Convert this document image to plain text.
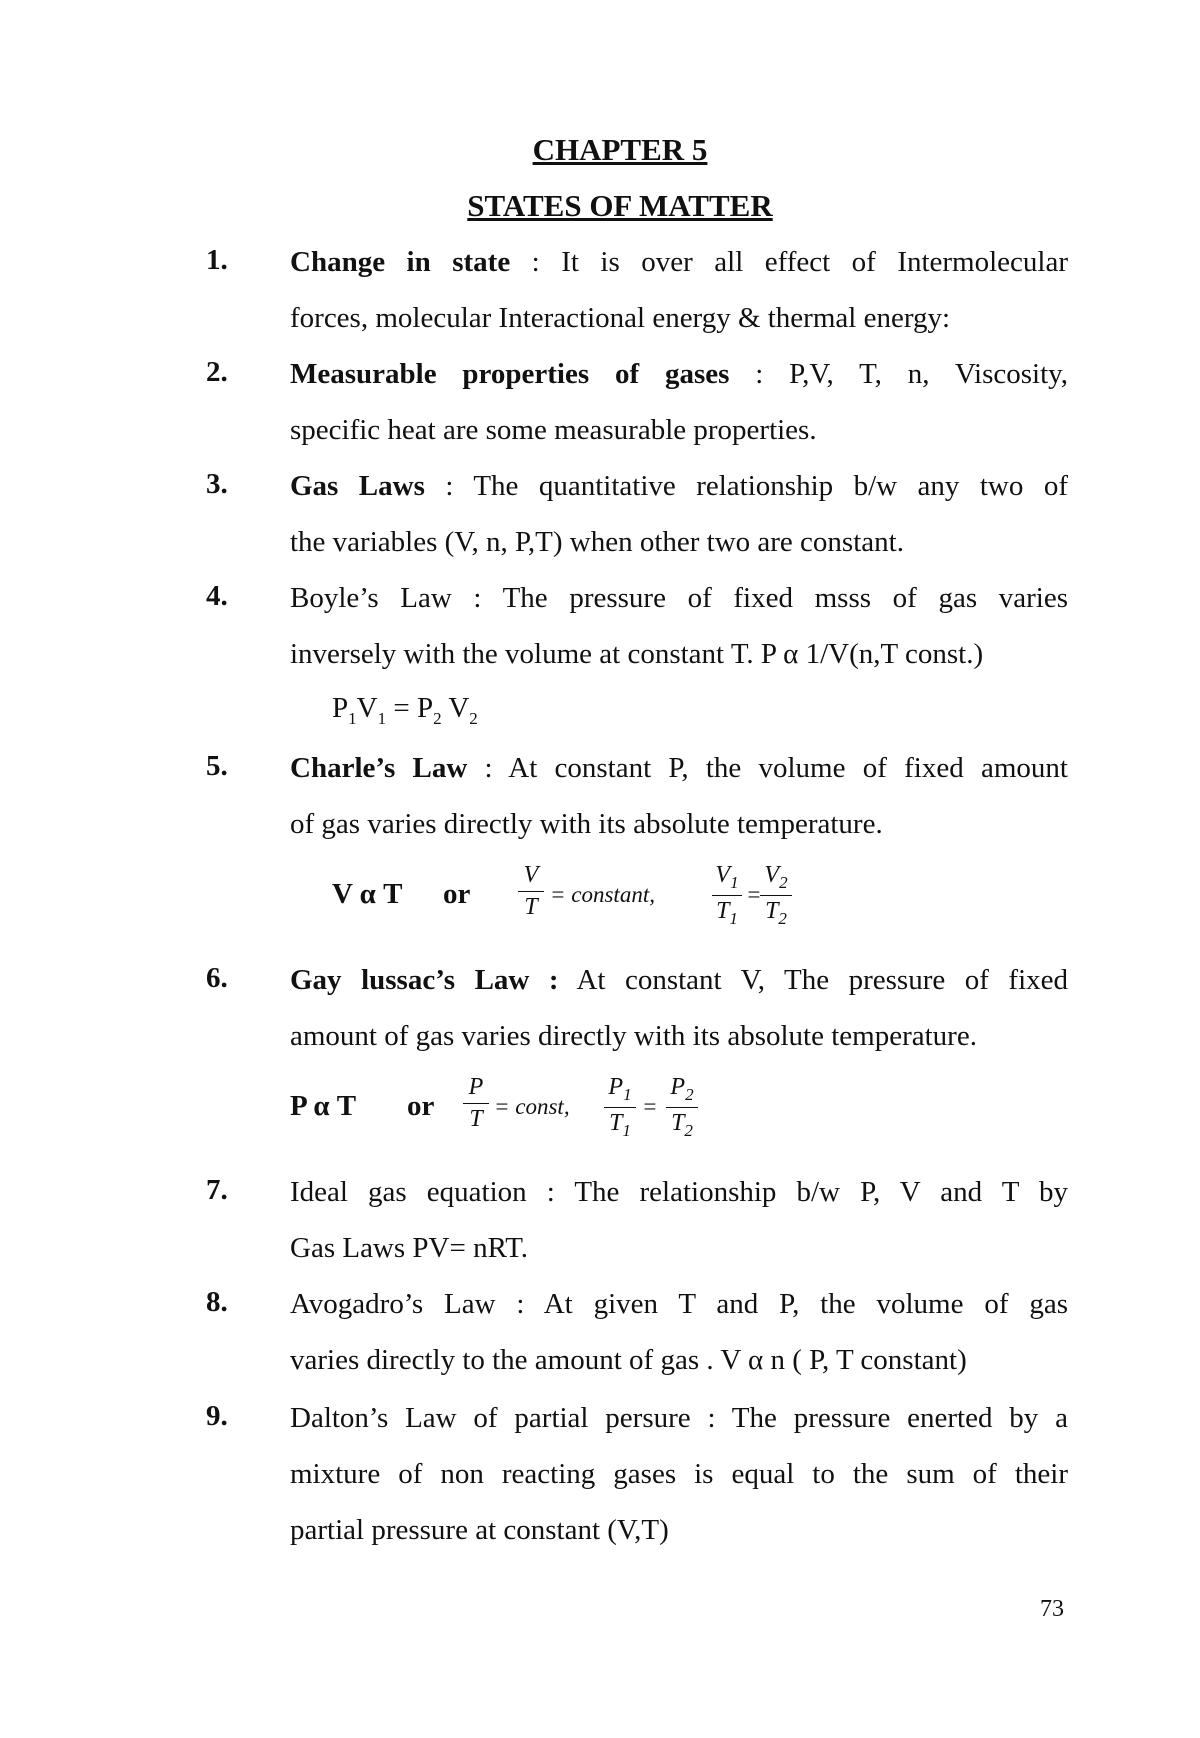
CHAPTER 5
STATES OF MATTER
1. Change in state : It is over all effect of Intermolecular
forces, molecular Interactional energy & thermal energy:
2. Measurable properties of gases : P,V, T, n, Viscosity,
specific heat are some measurable properties.
3. Gas Laws : The quantitative relationship b/w any two of
the variables (V, n, P,T) when other two are constant.
4. Boyle’s Law : The pressure of fixed msss of gas varies
inversely with the volume at constant T. P α 1/V(n,T const.)
$P_1V_1 = P_2$ $V_2$
5. Charle’s Law : At constant P, the volume of fixed amount
of gas varies directly with its absolute temperature.
V α T or
V
T = constant,
$V_1$
$T_1$
=
$V_2$
$T_2$
6. Gay lussac’s Law : At constant V, The pressure of fixed
amount of gas varies directly with its absolute temperature.
P α T or
P
T = const,
$P_1$
$T_1$
=
$P_2$
$T_2$
7. Ideal gas equation : The relationship b/w P, V and T by
Gas Laws PV= nRT.
8. Avogadro’s Law : At given T and P, the volume of gas
varies directly to the amount of gas . V α n ( P, T constant)
9. Dalton’s Law of partial persure : The pressure enerted by a
mixture of non reacting gases is equal to the sum of their
partial pressure at constant (V,T)
73
